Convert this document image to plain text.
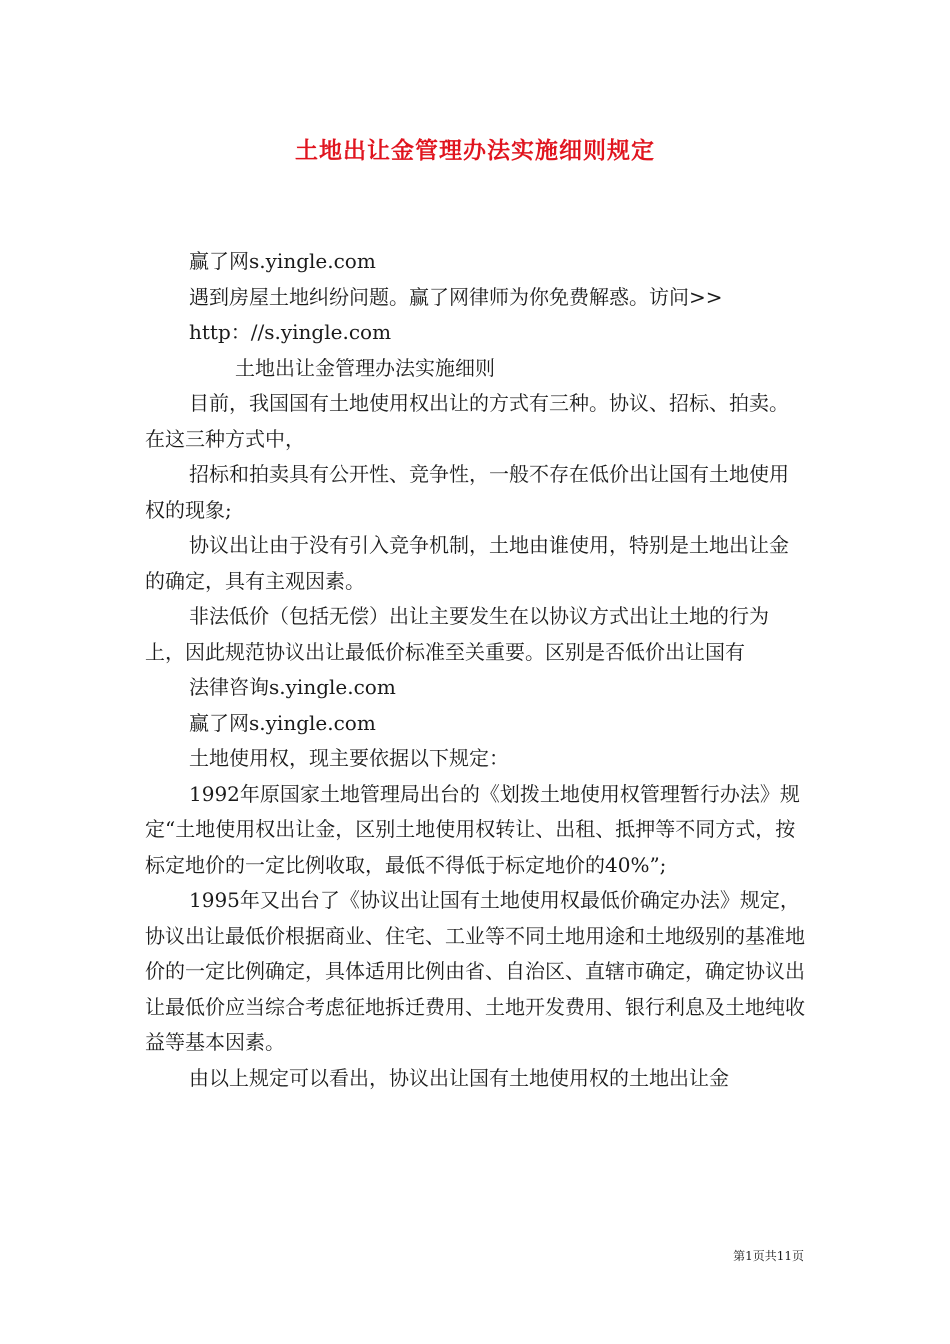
土地出让金管理办法实施细则规定

赢了网s.yingle.com

遇到房屋土地纠纷问题。赢了网律师为你免费解惑。访问>>

http：//s.yingle.com

土地出让金管理办法实施细则

目前，我国国有土地使用权出让的方式有三种。协议、招标、拍卖。在这三种方式中，

招标和拍卖具有公开性、竞争性，一般不存在低价出让国有土地使用权的现象;

协议出让由于没有引入竞争机制，土地由谁使用，特别是土地出让金的确定，具有主观因素。

非法低价（包括无偿）出让主要发生在以协议方式出让土地的行为上，因此规范协议出让最低价标准至关重要。区别是否低价出让国有

法律咨询s.yingle.com

赢了网s.yingle.com

土地使用权，现主要依据以下规定：

1992年原国家土地管理局出台的《划拨土地使用权管理暂行办法》规定“土地使用权出让金，区别土地使用权转让、出租、抵押等不同方式，按标定地价的一定比例收取，最低不得低于标定地价的40%”;

1995年又出台了《协议出让国有土地使用权最低价确定办法》规定，协议出让最低价根据商业、住宅、工业等不同土地用途和土地级别的基准地价的一定比例确定，具体适用比例由省、自治区、直辖市确定，确定协议出让最低价应当综合考虑征地拆迁费用、土地开发费用、银行利息及土地纯收益等基本因素。

由以上规定可以看出，协议出让国有土地使用权的土地出让金

第1页共11页
